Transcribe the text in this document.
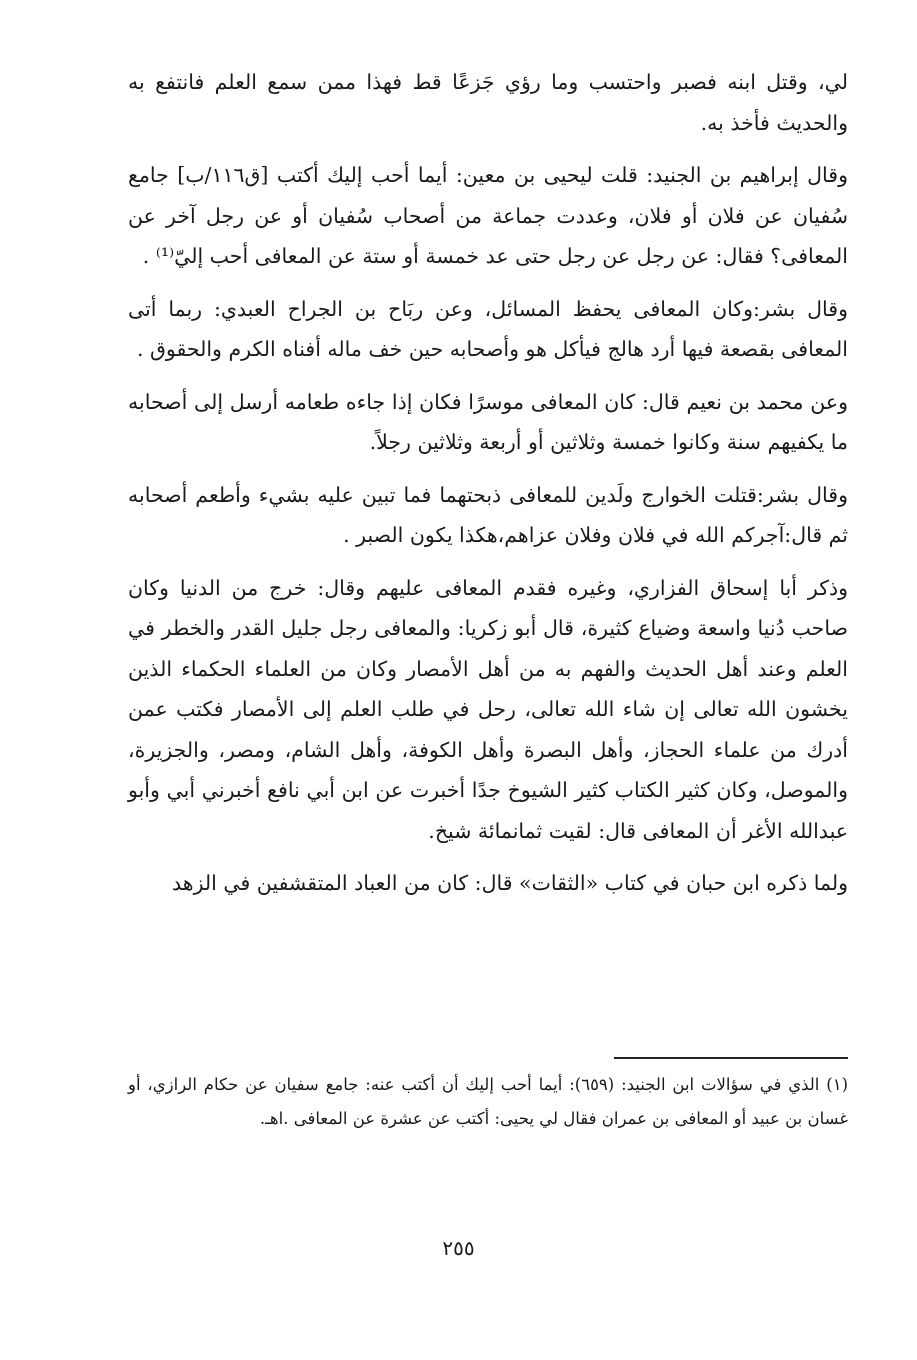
لي، وقتل ابنه فصبر واحتسب وما رؤي جَزعًا قط فهذا ممن سمع العلم فانتفع به والحديث فأخذ به.

وقال إبراهيم بن الجنيد: قلت ليحيى بن معين: أيما أحب إليك أكتب [ق١١٦/ب] جامع سُفيان عن فلان أو فلان، وعددت جماعة من أصحاب سُفيان أو عن رجل آخر عن المعافى؟ فقال: عن رجل عن رجل حتى عد خمسة أو ستة عن المعافى أحب إليّ⁽¹⁾ .

وقال بشر:وكان المعافى يحفظ المسائل، وعن ربَاح بن الجراح العبدي: ربما أتى المعافى بقصعة فيها أرد هالج فيأكل هو وأصحابه حين خف ماله أفناه الكرم والحقوق .

وعن محمد بن نعيم قال: كان المعافى موسرًا فكان إذا جاءه طعامه أرسل إلى أصحابه ما يكفيهم سنة وكانوا خمسة وثلاثين أو أربعة وثلاثين رجلاً.

وقال بشر:قتلت الخوارج ولَدين للمعافى ذبحتهما فما تبين عليه بشيء وأطعم أصحابه ثم قال:آجركم الله في فلان وفلان عزاهم،هكذا يكون الصبر .

وذكر أبا إسحاق الفزاري، وغيره فقدم المعافى عليهم وقال: خرج من الدنيا وكان صاحب دُنيا واسعة وضياع كثيرة، قال أبو زكريا: والمعافى رجل جليل القدر والخطر في العلم وعند أهل الحديث والفهم به من أهل الأمصار وكان من العلماء الحكماء الذين يخشون الله تعالى إن شاء الله تعالى، رحل في طلب العلم إلى الأمصار فكتب عمن أدرك من علماء الحجاز، وأهل البصرة وأهل الكوفة، وأهل الشام، ومصر، والجزيرة، والموصل، وكان كثير الكتاب كثير الشيوخ جدًا أخبرت عن ابن أبي نافع أخبرني أبي وأبو عبدالله الأغر أن المعافى قال: لقيت ثمانمائة شيخ.

ولما ذكره ابن حبان في كتاب «الثقات» قال: كان من العباد المتقشفين في الزهد

(١) الذي في سؤالات ابن الجنيد: (٦٥٩): أيما أحب إليك أن أكتب عنه: جامع سفيان عن حكام الرازي، أو غسان بن عبيد أو المعافى بن عمران فقال لي يحيى: أكتب عن عشرة عن المعافى .اهـ.

٢٥٥
